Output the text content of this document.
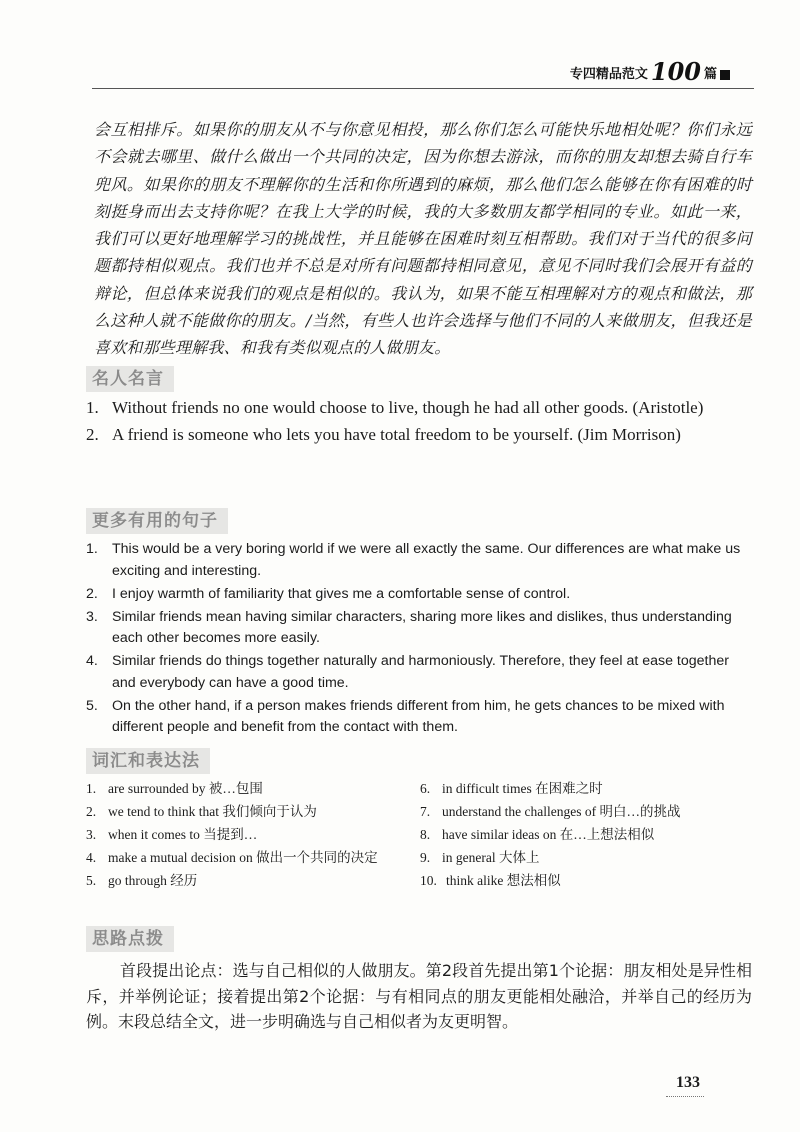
专四精品范文 100 篇
会互相排斥。如果你的朋友从不与你意见相投，那么你们怎么可能快乐地相处呢？你们永远不会就去哪里、做什么做出一个共同的决定，因为你想去游泳，而你的朋友却想去骑自行车兜风。如果你的朋友不理解你的生活和你所遇到的麻烦，那么他们怎么能够在你有困难的时刻挺身而出去支持你呢？在我上大学的时候，我的大多数朋友都学相同的专业。如此一来，我们可以更好地理解学习的挑战性，并且能够在困难时刻互相帮助。我们对于当代的很多问题都持相似观点。我们也并不总是对所有问题都持相同意见，意见不同时我们会展开有益的辩论，但总体来说我们的观点是相似的。我认为，如果不能互相理解对方的观点和做法，那么这种人就不能做你的朋友。/当然，有些人也许会选择与他们不同的人来做朋友，但我还是喜欢和那些理解我、和我有类似观点的人做朋友。
名人名言
1. Without friends no one would choose to live, though he had all other goods. (Aristotle)
2. A friend is someone who lets you have total freedom to be yourself. (Jim Morrison)
更多有用的句子
1. This would be a very boring world if we were all exactly the same. Our differences are what make us exciting and interesting.
2. I enjoy warmth of familiarity that gives me a comfortable sense of control.
3. Similar friends mean having similar characters, sharing more likes and dislikes, thus understanding each other becomes more easily.
4. Similar friends do things together naturally and harmoniously. Therefore, they feel at ease together and everybody can have a good time.
5. On the other hand, if a person makes friends different from him, he gets chances to be mixed with different people and benefit from the contact with them.
词汇和表达法
1. are surrounded by 被…包围
2. we tend to think that 我们倾向于认为
3. when it comes to 当提到…
4. make a mutual decision on 做出一个共同的决定
5. go through 经历
6. in difficult times 在困难之时
7. understand the challenges of 明白…的挑战
8. have similar ideas on 在…上想法相似
9. in general 大体上
10. think alike 想法相似
思路点拨
首段提出论点：选与自己相似的人做朋友。第2段首先提出第1个论据：朋友相处是异性相斥，并举例论证；接着提出第2个论据：与有相同点的朋友更能相处融洽，并举自己的经历为例。末段总结全文，进一步明确选与自己相似者为友更明智。
133
